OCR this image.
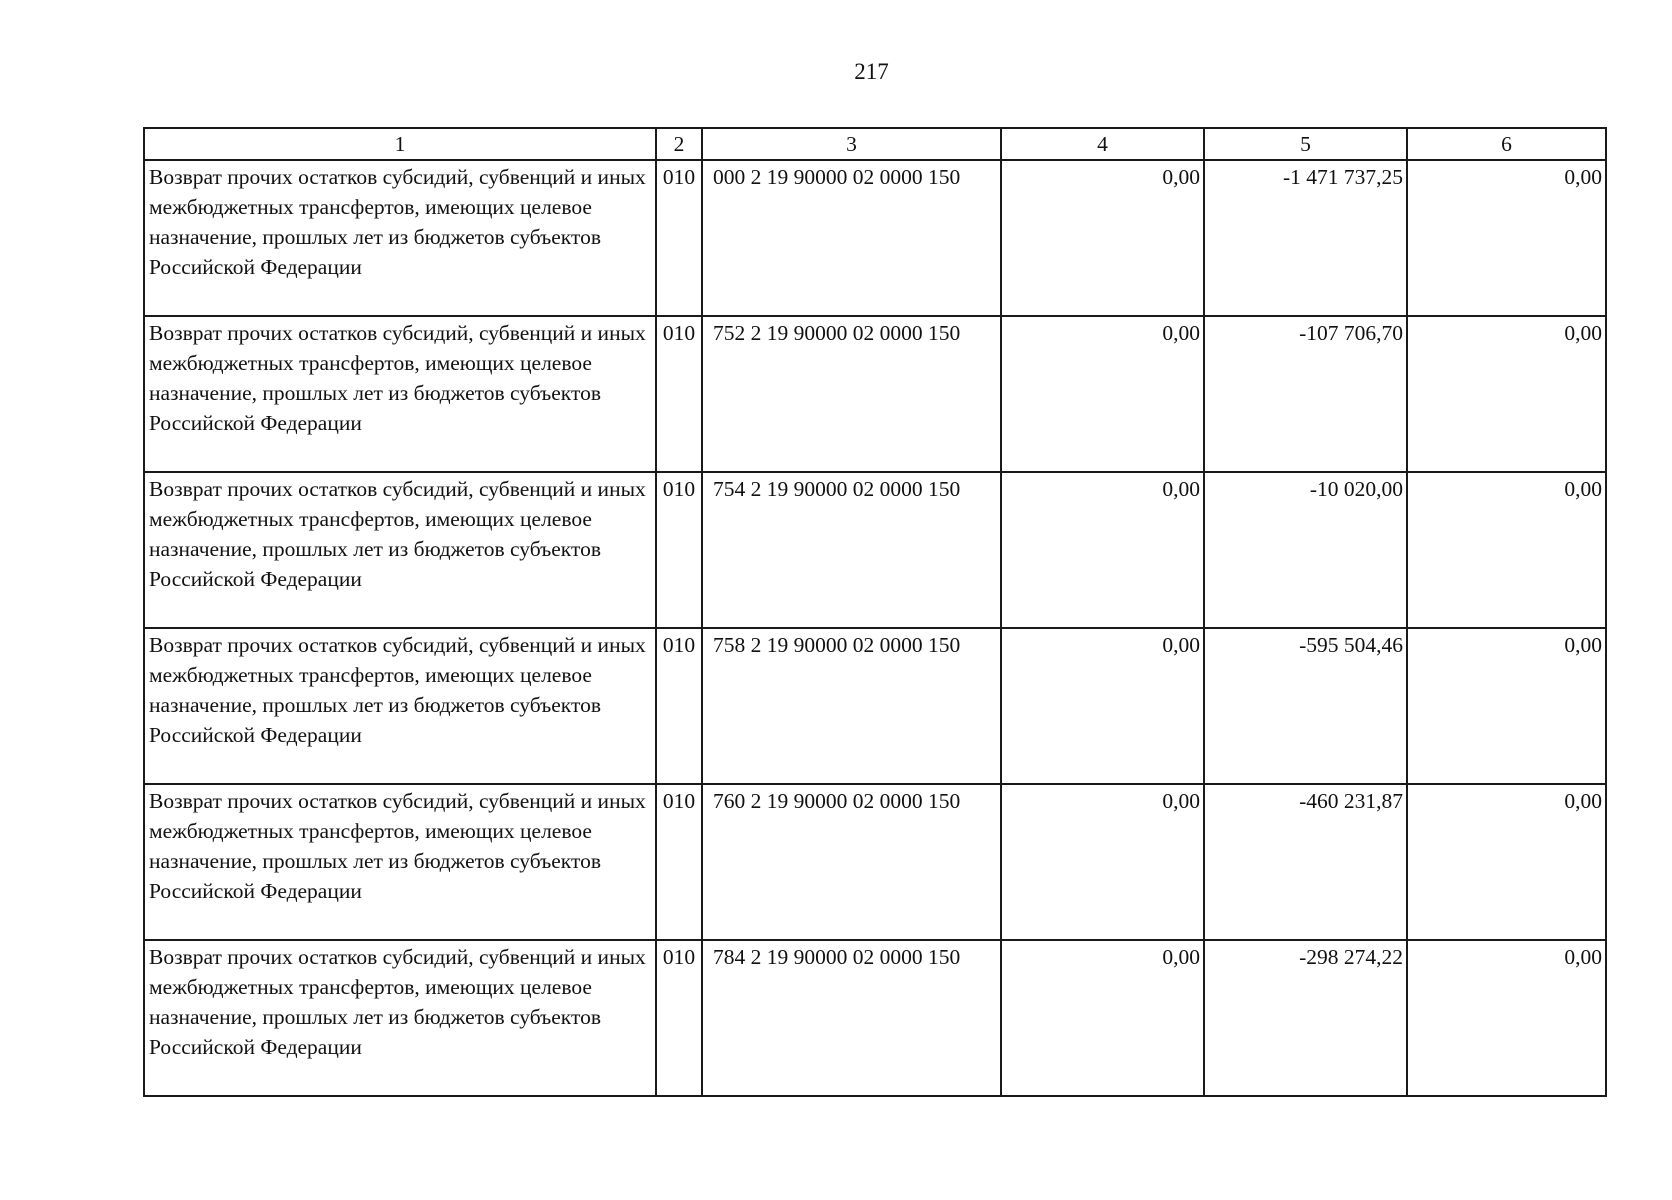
217
1	2	3	4	5	6
Возврат прочих остатков субсидий, субвенций и иных межбюджетных трансфертов, имеющих целевое назначение, прошлых лет из бюджетов субъектов Российской Федерации	010	000 2 19 90000 02 0000 150	0,00	-1 471 737,25	0,00
Возврат прочих остатков субсидий, субвенций и иных межбюджетных трансфертов, имеющих целевое назначение, прошлых лет из бюджетов субъектов Российской Федерации	010	752 2 19 90000 02 0000 150	0,00	-107 706,70	0,00
Возврат прочих остатков субсидий, субвенций и иных межбюджетных трансфертов, имеющих целевое назначение, прошлых лет из бюджетов субъектов Российской Федерации	010	754 2 19 90000 02 0000 150	0,00	-10 020,00	0,00
Возврат прочих остатков субсидий, субвенций и иных межбюджетных трансфертов, имеющих целевое назначение, прошлых лет из бюджетов субъектов Российской Федерации	010	758 2 19 90000 02 0000 150	0,00	-595 504,46	0,00
Возврат прочих остатков субсидий, субвенций и иных межбюджетных трансфертов, имеющих целевое назначение, прошлых лет из бюджетов субъектов Российской Федерации	010	760 2 19 90000 02 0000 150	0,00	-460 231,87	0,00
Возврат прочих остатков субсидий, субвенций и иных межбюджетных трансфертов, имеющих целевое назначение, прошлых лет из бюджетов субъектов Российской Федерации	010	784 2 19 90000 02 0000 150	0,00	-298 274,22	0,00
